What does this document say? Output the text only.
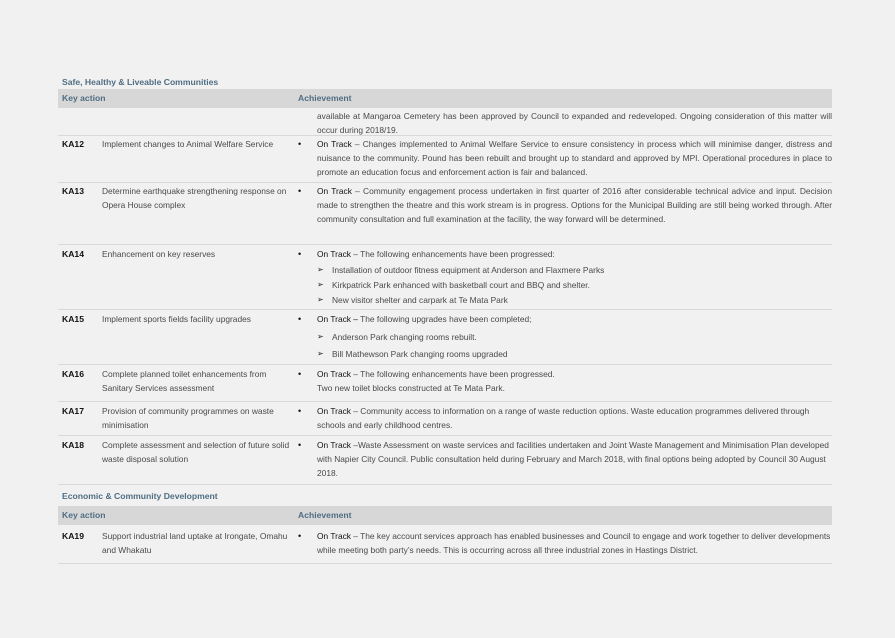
Safe, Healthy & Liveable Communities
Key action	Achievement
available at Mangaroa Cemetery has been approved by Council to expanded and redeveloped. Ongoing consideration of this matter will occur during 2018/19.
KA12 Implement changes to Animal Welfare Service	• On Track – Changes implemented to Animal Welfare Service to ensure consistency in process which will minimise danger, distress and nuisance to the community. Pound has been rebuilt and brought up to standard and approved by MPI. Operational procedures in place to promote an education focus and enforcement action is fair and balanced.
KA13 Determine earthquake strengthening response on Opera House complex
• On Track – Community engagement process undertaken in first quarter of 2016 after considerable technical advice and input. Decision made to strengthen the theatre and this work stream is in progress. Options for the Municipal Building are still being worked through. After community consultation and full examination at the facility, the way forward will be determined.
KA14 Enhancement on key reserves	• On Track – The following enhancements have been progressed:
➢ Installation of outdoor fitness equipment at Anderson and Flaxmere Parks
➢ Kirkpatrick Park enhanced with basketball court and BBQ and shelter.
➢ New visitor shelter and carpark at Te Mata Park
KA15 Implement sports fields facility upgrades	• On Track – The following upgrades have been completed;
➢ Anderson Park changing rooms rebuilt.
➢ Bill Mathewson Park changing rooms upgraded
KA16 Complete planned toilet enhancements from Sanitary Services assessment
• On Track – The following enhancements have been progressed.
Two new toilet blocks constructed at Te Mata Park.
KA17 Provision of community programmes on waste minimisation
• On Track – Community access to information on a range of waste reduction options. Waste education programmes delivered through schools and early childhood centres.
KA18 Complete assessment and selection of future solid waste disposal solution
• On Track –Waste Assessment on waste services and facilities undertaken and Joint Waste Management and Minimisation Plan developed with Napier City Council. Public consultation held during February and March 2018, with final options being adopted by Council 30 August 2018.
Economic & Community Development
Key action	Achievement
KA19 Support industrial land uptake at Irongate, Omahu and Whakatu
• On Track – The key account services approach has enabled businesses and Council to engage and work together to deliver developments while meeting both party’s needs. This is occurring across all three industrial zones in Hastings District.
